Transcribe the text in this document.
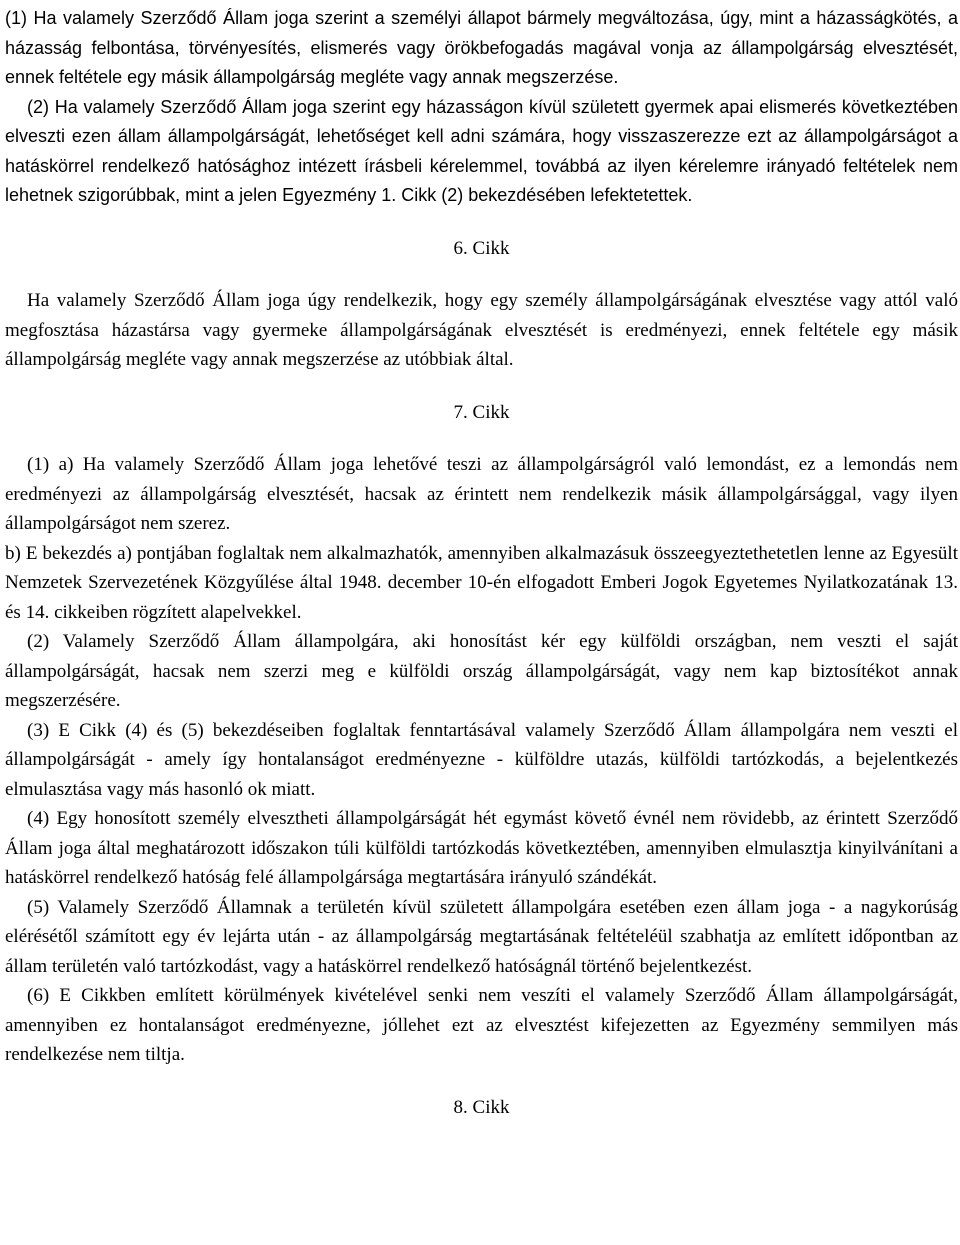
(1) Ha valamely Szerződő Állam joga szerint a személyi állapot bármely megváltozása, úgy, mint a házasságkötés, a házasság felbontása, törvényesítés, elismerés vagy örökbefogadás magával vonja az állampolgárság elvesztését, ennek feltétele egy másik állampolgárság megléte vagy annak megszerzése.

(2) Ha valamely Szerződő Állam joga szerint egy házasságon kívül született gyermek apai elismerés következtében elveszti ezen állam állampolgárságát, lehetőséget kell adni számára, hogy visszaszerezze ezt az állampolgárságot a hatáskörrel rendelkező hatósághoz intézett írásbeli kérelemmel, továbbá az ilyen kérelemre irányadó feltételek nem lehetnek szigorúbbak, mint a jelen Egyezmény 1. Cikk (2) bekezdésében lefektetettek.

6. Cikk

Ha valamely Szerződő Állam joga úgy rendelkezik, hogy egy személy állampolgárságának elvesztése vagy attól való megfosztása házastársa vagy gyermeke állampolgárságának elvesztését is eredményezi, ennek feltétele egy másik állampolgárság megléte vagy annak megszerzése az utóbbiak által.

7. Cikk

(1) a) Ha valamely Szerződő Állam joga lehetővé teszi az állampolgárságról való lemondást, ez a lemondás nem eredményezi az állampolgárság elvesztését, hacsak az érintett nem rendelkezik másik állampolgársággal, vagy ilyen állampolgárságot nem szerez.

b) E bekezdés a) pontjában foglaltak nem alkalmazhatók, amennyiben alkalmazásuk összeegyeztethetetlen lenne az Egyesült Nemzetek Szervezetének Közgyűlése által 1948. december 10-én elfogadott Emberi Jogok Egyetemes Nyilatkozatának 13. és 14. cikkeiben rögzített alapelvekkel.

(2) Valamely Szerződő Állam állampolgára, aki honosítást kér egy külföldi országban, nem veszti el saját állampolgárságát, hacsak nem szerzi meg e külföldi ország állampolgárságát, vagy nem kap biztosítékot annak megszerzésére.

(3) E Cikk (4) és (5) bekezdéseiben foglaltak fenntartásával valamely Szerződő Állam állampolgára nem veszti el állampolgárságát - amely így hontalanságot eredményezne - külföldre utazás, külföldi tartózkodás, a bejelentkezés elmulasztása vagy más hasonló ok miatt.

(4) Egy honosított személy elvesztheti állampolgárságát hét egymást követő évnél nem rövidebb, az érintett Szerződő Állam joga által meghatározott időszakon túli külföldi tartózkodás következtében, amennyiben elmulasztja kinyilvánítani a hatáskörrel rendelkező hatóság felé állampolgársága megtartására irányuló szándékát.

(5) Valamely Szerződő Államnak a területén kívül született állampolgára esetében ezen állam joga - a nagykorúság elérésétől számított egy év lejárta után - az állampolgárság megtartásának feltételéül szabhatja az említett időpontban az állam területén való tartózkodást, vagy a hatáskörrel rendelkező hatóságnál történő bejelentkezést.

(6) E Cikkben említett körülmények kivételével senki nem veszíti el valamely Szerződő Állam állampolgárságát, amennyiben ez hontalanságot eredményezne, jóllehet ezt az elvesztést kifejezetten az Egyezmény semmilyen más rendelkezése nem tiltja.

8. Cikk
